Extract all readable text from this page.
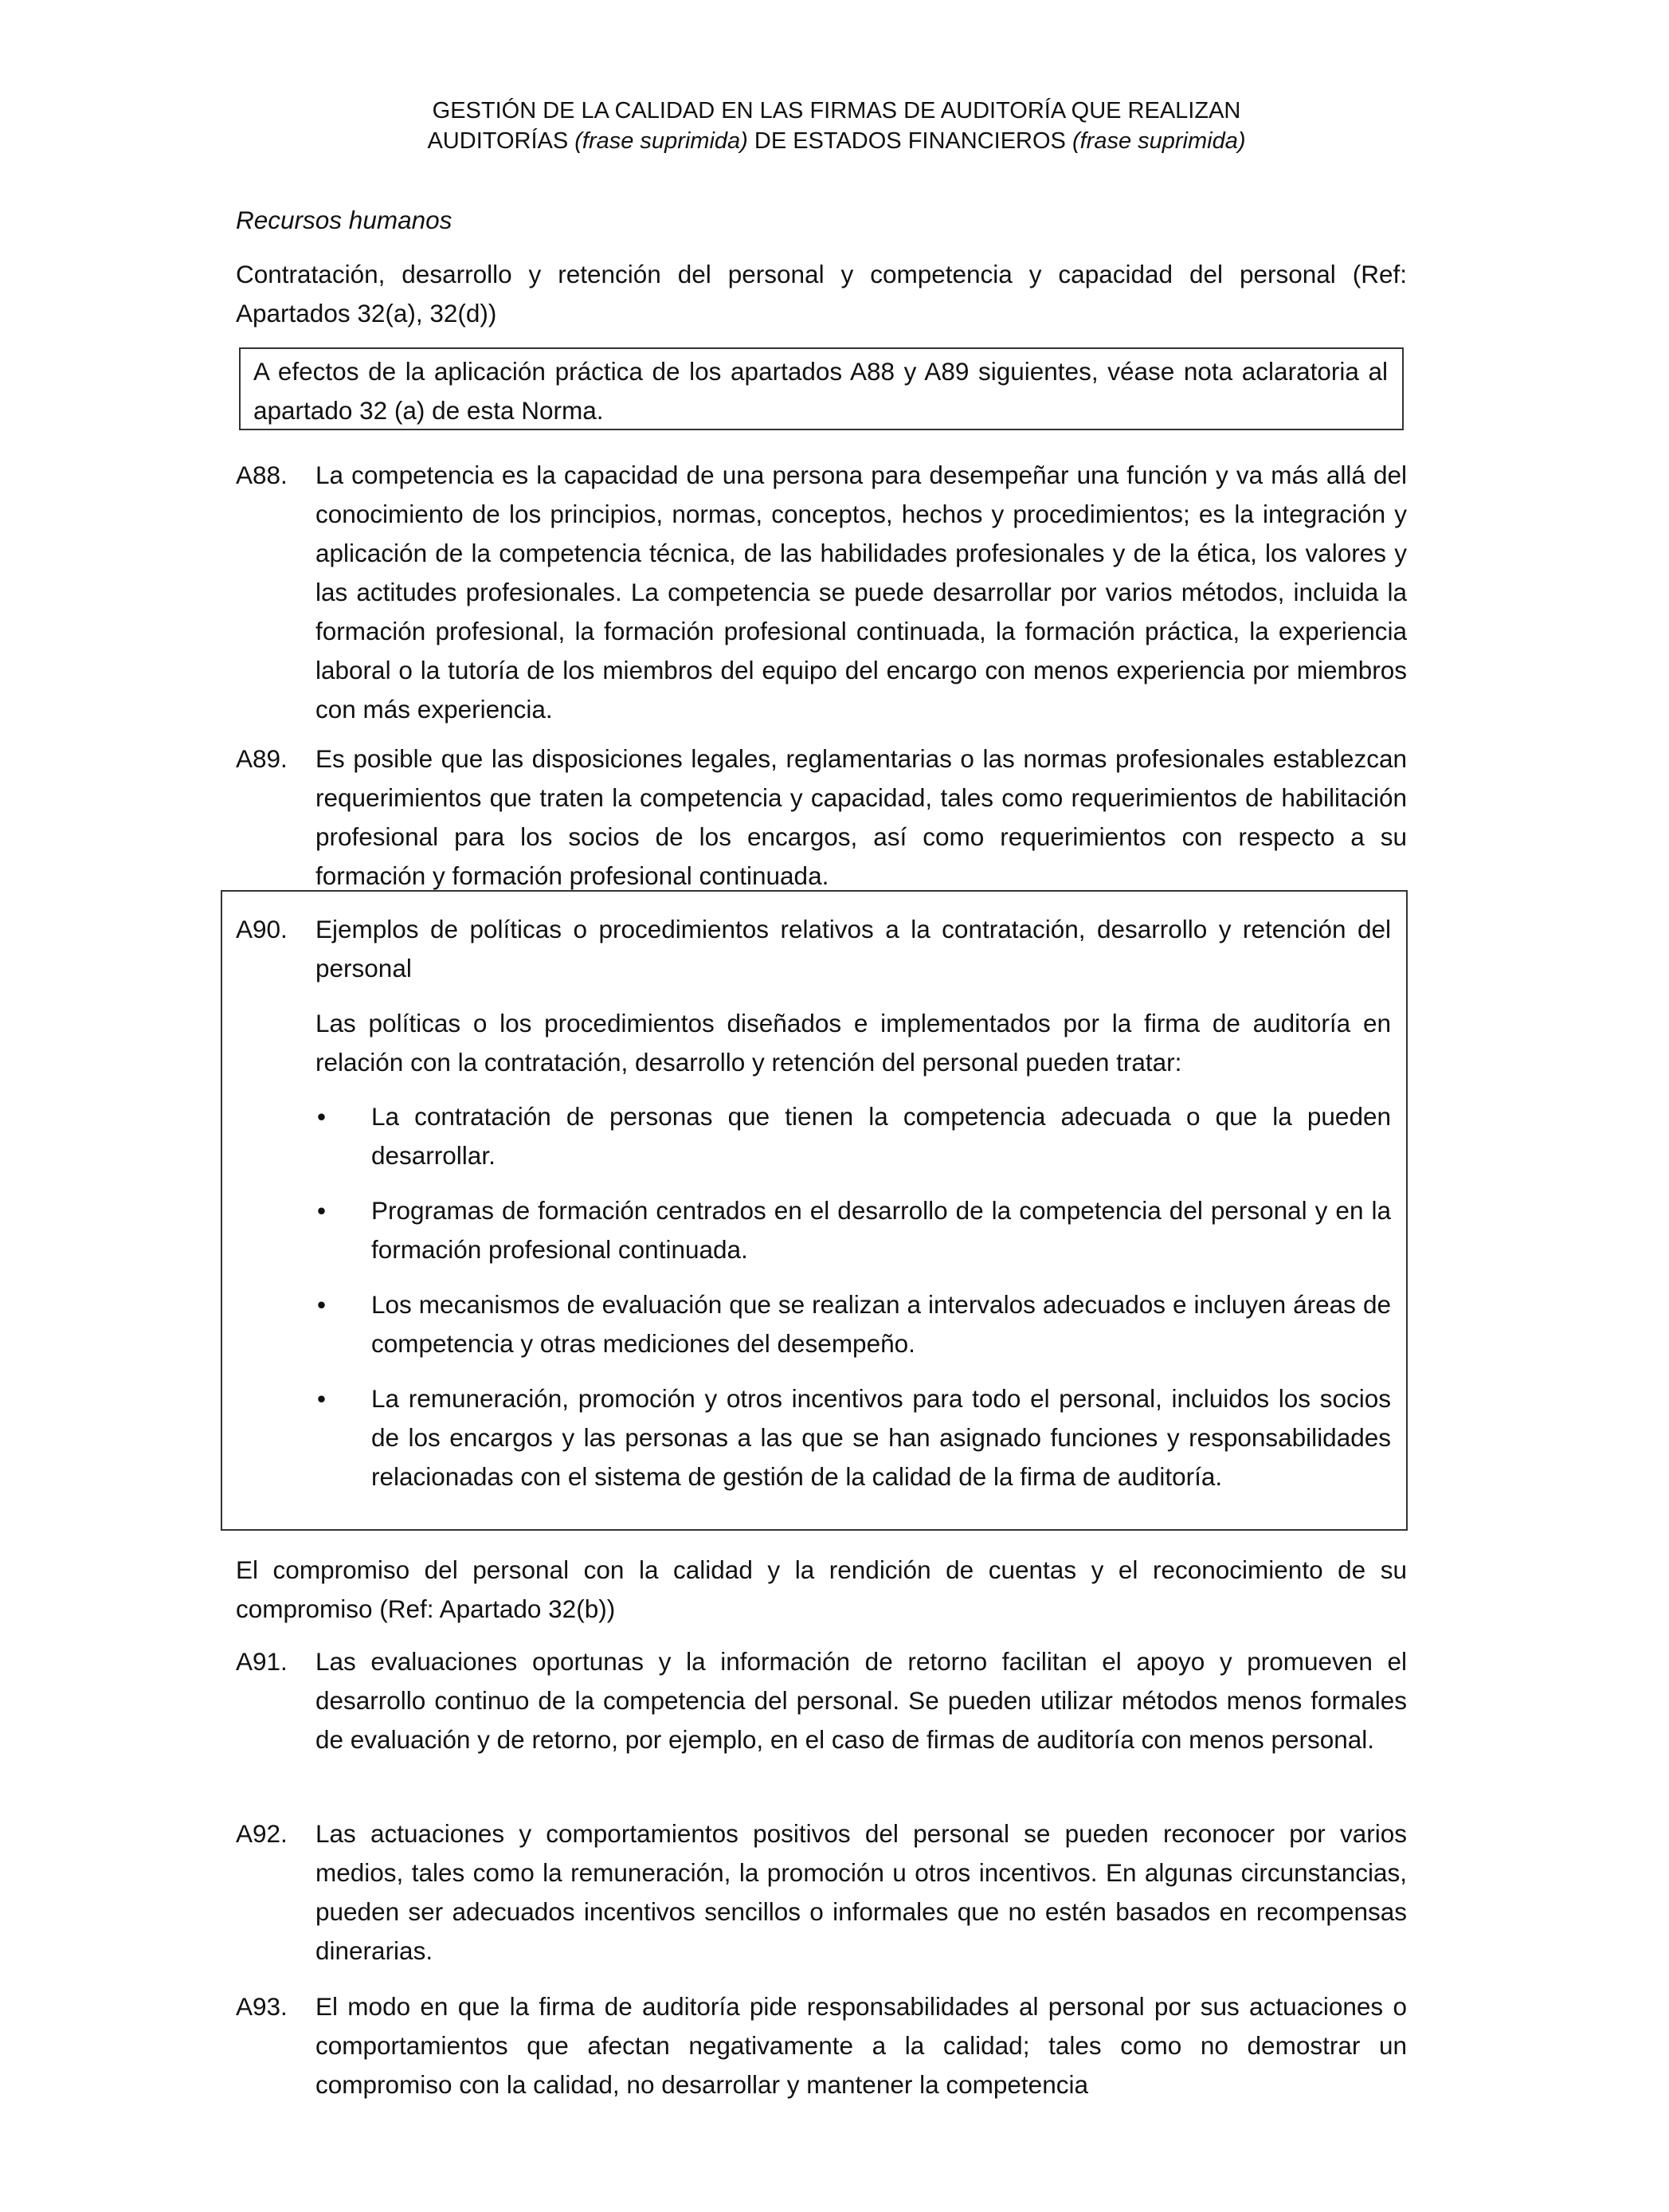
GESTIÓN DE LA CALIDAD EN LAS FIRMAS DE AUDITORÍA QUE REALIZAN
AUDITORÍAS (frase suprimida) DE ESTADOS FINANCIEROS (frase suprimida)
Recursos humanos
Contratación, desarrollo y retención del personal y competencia y capacidad del personal (Ref: Apartados 32(a), 32(d))
A efectos de la aplicación práctica de los apartados A88 y A89 siguientes, véase nota aclaratoria al apartado 32 (a) de esta Norma.
A88. La competencia es la capacidad de una persona para desempeñar una función y va más allá del conocimiento de los principios, normas, conceptos, hechos y procedimientos; es la integración y aplicación de la competencia técnica, de las habilidades profesionales y de la ética, los valores y las actitudes profesionales. La competencia se puede desarrollar por varios métodos, incluida la formación profesional, la formación profesional continuada, la formación práctica, la experiencia laboral o la tutoría de los miembros del equipo del encargo con menos experiencia por miembros con más experiencia.
A89. Es posible que las disposiciones legales, reglamentarias o las normas profesionales establezcan requerimientos que traten la competencia y capacidad, tales como requerimientos de habilitación profesional para los socios de los encargos, así como requerimientos con respecto a su formación y formación profesional continuada.
A90. Ejemplos de políticas o procedimientos relativos a la contratación, desarrollo y retención del personal
Las políticas o los procedimientos diseñados e implementados por la firma de auditoría en relación con la contratación, desarrollo y retención del personal pueden tratar:
• La contratación de personas que tienen la competencia adecuada o que la pueden desarrollar.
• Programas de formación centrados en el desarrollo de la competencia del personal y en la formación profesional continuada.
• Los mecanismos de evaluación que se realizan a intervalos adecuados e incluyen áreas de competencia y otras mediciones del desempeño.
• La remuneración, promoción y otros incentivos para todo el personal, incluidos los socios de los encargos y las personas a las que se han asignado funciones y responsabilidades relacionadas con el sistema de gestión de la calidad de la firma de auditoría.
El compromiso del personal con la calidad y la rendición de cuentas y el reconocimiento de su compromiso (Ref: Apartado 32(b))
A91. Las evaluaciones oportunas y la información de retorno facilitan el apoyo y promueven el desarrollo continuo de la competencia del personal. Se pueden utilizar métodos menos formales de evaluación y de retorno, por ejemplo, en el caso de firmas de auditoría con menos personal.
A92. Las actuaciones y comportamientos positivos del personal se pueden reconocer por varios medios, tales como la remuneración, la promoción u otros incentivos. En algunas circunstancias, pueden ser adecuados incentivos sencillos o informales que no estén basados en recompensas dinerarias.
A93. El modo en que la firma de auditoría pide responsabilidades al personal por sus actuaciones o comportamientos que afectan negativamente a la calidad; tales como no demostrar un compromiso con la calidad, no desarrollar y mantener la competencia
